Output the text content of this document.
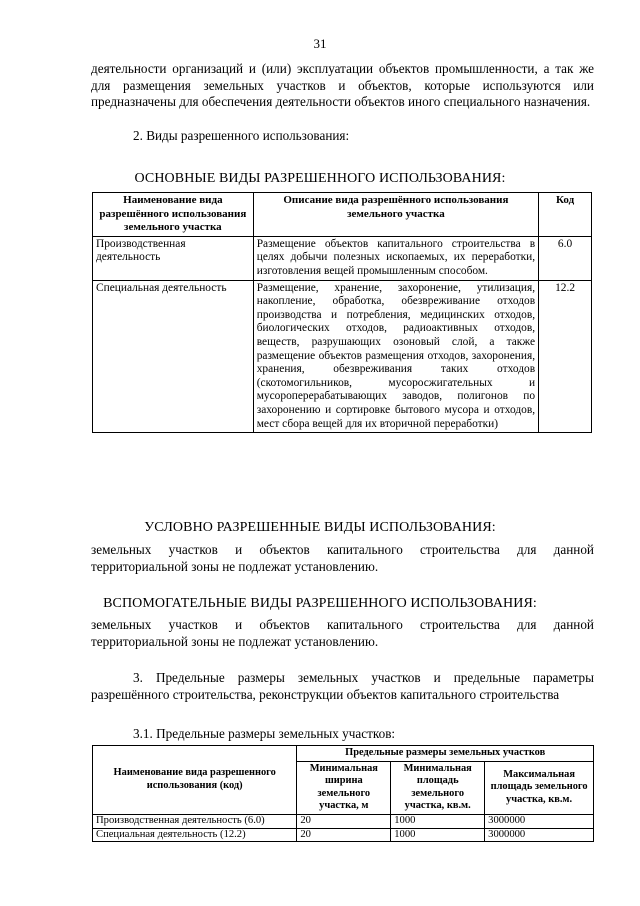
31
деятельности организаций и (или) эксплуатации объектов промышленности, а так же для размещения земельных участков и объектов, которые используются или предназначены для обеспечения деятельности объектов иного специального назначения.
2. Виды разрешенного использования:
ОСНОВНЫЕ ВИДЫ РАЗРЕШЕННОГО ИСПОЛЬЗОВАНИЯ:
Наименование вида разрешённого использования земельного участка	Описание вида разрешённого использования земельного участка	Код
Производственная деятельность	Размещение объектов капитального строительства в целях добычи полезных ископаемых, их переработки, изготовления вещей промышленным способом.	6.0
Специальная деятельность	Размещение, хранение, захоронение, утилизация, накопление, обработка, обезвреживание отходов производства и потребления, медицинских отходов, биологических отходов, радиоактивных отходов, веществ, разрушающих озоновый слой, а также размещение объектов размещения отходов, захоронения, хранения, обезвреживания таких отходов (скотомогильников, мусоросжигательных и мусороперерабатывающих заводов, полигонов по захоронению и сортировке бытового мусора и отходов, мест сбора вещей для их вторичной переработки)	12.2
УСЛОВНО РАЗРЕШЕННЫЕ ВИДЫ ИСПОЛЬЗОВАНИЯ:
земельных участков и объектов капитального строительства для данной территориальной зоны не подлежат установлению.
ВСПОМОГАТЕЛЬНЫЕ ВИДЫ РАЗРЕШЕННОГО ИСПОЛЬЗОВАНИЯ:
земельных участков и объектов капитального строительства для данной территориальной зоны не подлежат установлению.
3. Предельные размеры земельных участков и предельные параметры разрешённого строительства, реконструкции объектов капитального строительства
3.1. Предельные размеры земельных участков:
Наименование вида разрешенного использования (код)	Предельные размеры земельных участков		
	Минимальная ширина земельного участка, м	Минимальная площадь земельного участка, кв.м.	Максимальная площадь земельного участка, кв.м.
Производственная деятельность (6.0)	20	1000	3000000
Специальная деятельность (12.2)	20	1000	3000000
